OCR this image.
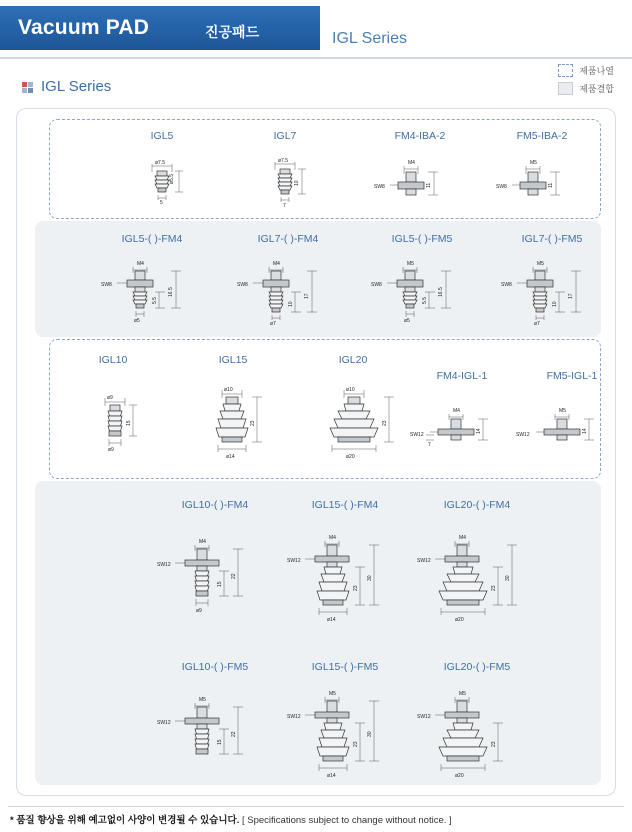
Vacuum PAD	진공패드	IGL Series
IGL Series
제품나열
제품결합
IGL5
ø7.5
ø5.5
5
IGL7
ø7.5
10
7
FM4-IBA-2
M4
SW8	11
FM5-IBA-2
M5
SW8	11
IGL5-( )-FM4
M4
SW8
5.5
16.5
ø5
IGL7-( )-FM4
M4
SW8
10
17
ø7
IGL5-( )-FM5
M5
SW8
5.5
16.5
ø5
IGL7-( )-FM5
M5
SW8
10
17
ø7
IGL10
ø9
15
ø9
IGL15
ø10
23
ø14
IGL20
ø10
23
ø20
FM4-IGL-1
M4
SW12
14
7
FM5-IGL-1
M5
SW12
14
IGL10-( )-FM4
M4
SW12
15
22
ø9
IGL15-( )-FM4
M4
SW12
23
30
ø14
IGL20-( )-FM4
M4
SW12
23
30
ø20
IGL10-( )-FM5
M5
SW12
15
22
IGL15-( )-FM5
M5
SW12
23
30
ø14
IGL20-( )-FM5
M5
SW12
23
ø20
* 품질 향상을 위해 예고없이 사양이 변경될 수 있습니다. [ Specifications subject to change without notice. ]
